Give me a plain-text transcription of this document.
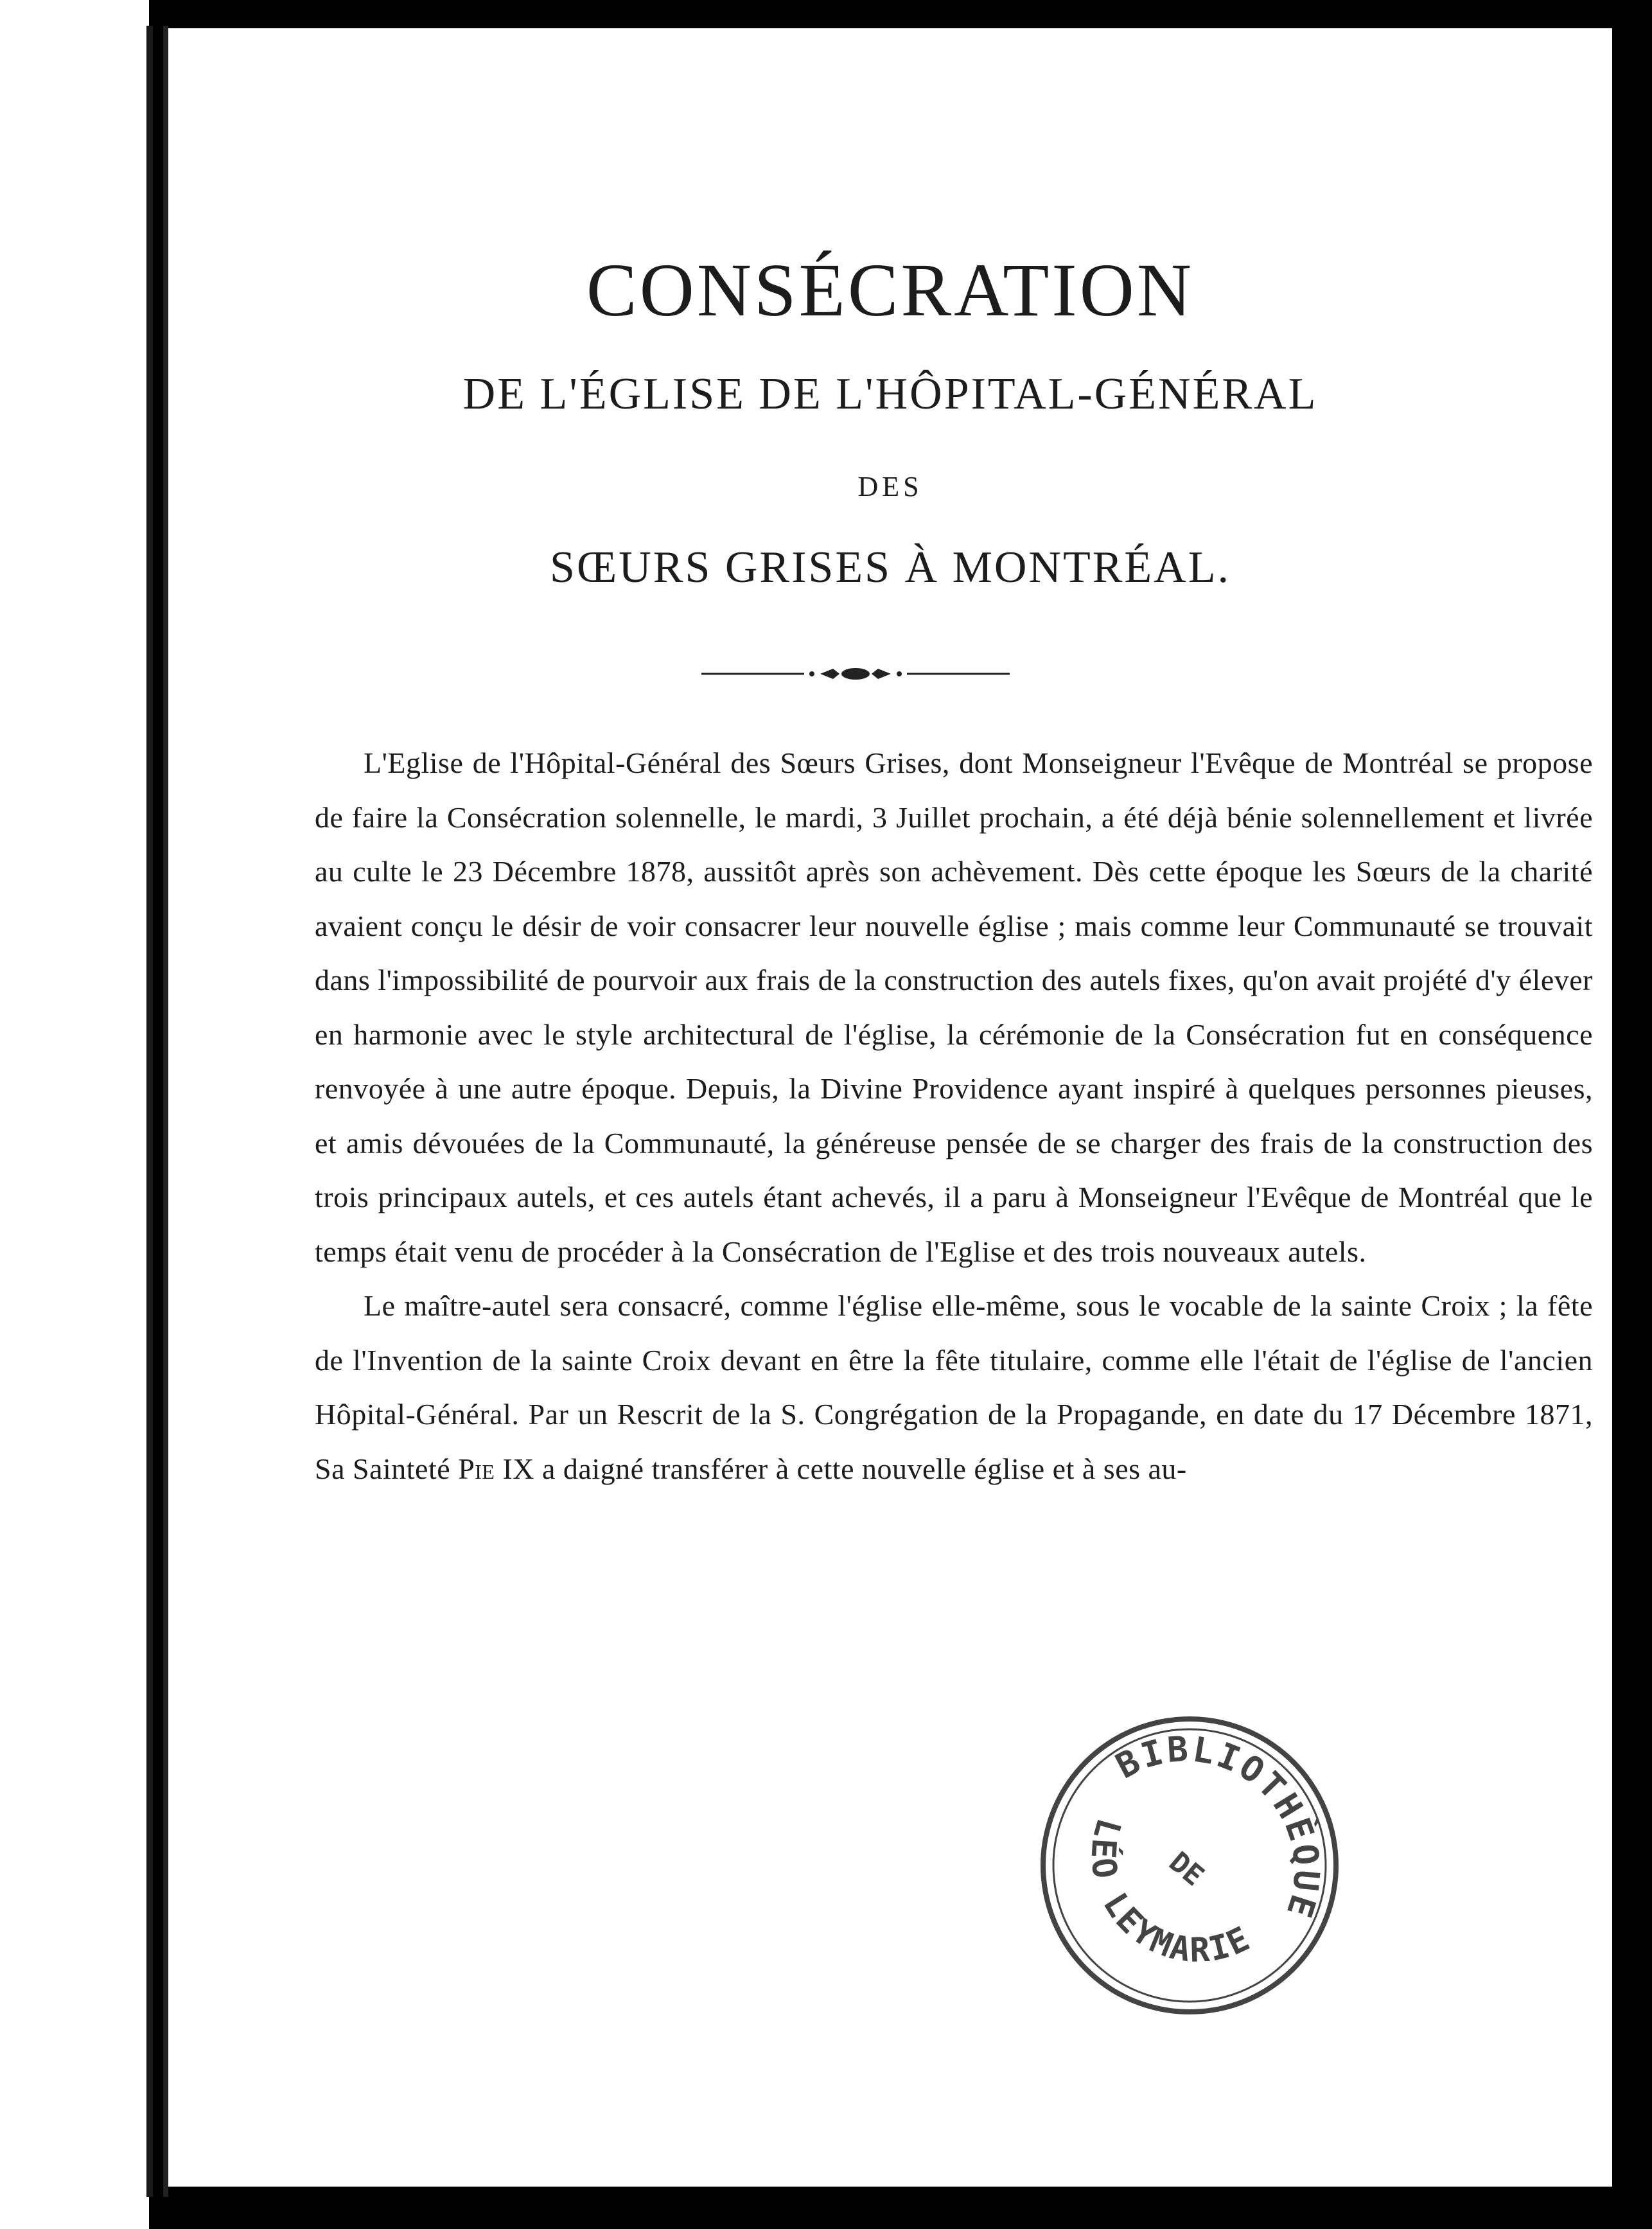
CONSÉCRATION
DE L'ÉGLISE DE L'HÔPITAL-GÉNÉRAL
DES
SŒURS GRISES À MONTRÉAL.

L'Eglise de l'Hôpital-Général des Sœurs Grises, dont Monseigneur l'Evêque de Montréal se propose de faire la Consécration solennelle, le mardi, 3 Juillet prochain, a été déjà bénie solennellement et livrée au culte le 23 Décembre 1878, aussitôt après son achèvement. Dès cette époque les Sœurs de la charité avaient conçu le désir de voir consacrer leur nouvelle église ; mais comme leur Communauté se trouvait dans l'impossibilité de pourvoir aux frais de la construction des autels fixes, qu'on avait projété d'y élever en harmonie avec le style architectural de l'église, la cérémonie de la Consécration fut en conséquence renvoyée à une autre époque. Depuis, la Divine Providence ayant inspiré à quelques personnes pieuses, et amis dévouées de la Communauté, la généreuse pensée de se charger des frais de la construction des trois principaux autels, et ces autels étant achevés, il a paru à Monseigneur l'Evêque de Montréal que le temps était venu de procéder à la Consécration de l'Eglise et des trois nouveaux autels.

Le maître-autel sera consacré, comme l'église elle-même, sous le vocable de la sainte Croix ; la fête de l'Invention de la sainte Croix devant en être la fête titulaire, comme elle l'était de l'église de l'ancien Hôpital-Général. Par un Rescrit de la S. Congrégation de la Propagande, en date du 17 Décembre 1871, Sa Sainteté Pie IX a daigné transférer à cette nouvelle église et à ses au-

BIBLIOTHÈQUE
DE
LÉO LEYMARIE
